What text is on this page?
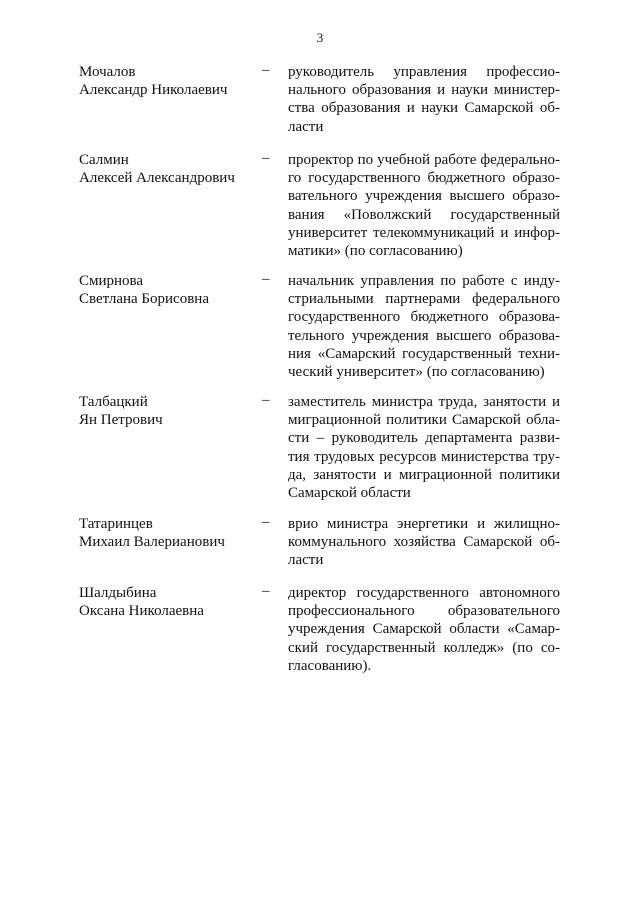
3
Мочалов
Александр Николаевич
– руководитель управления профессио-
нального образования и науки министер-
ства образования и науки Самарской об-
ласти
Салмин
Алексей Александрович
– проректор по учебной работе федерально-
го государственного бюджетного образо-
вательного учреждения высшего образо-
вания «Поволжский государственный
университет телекоммуникаций и инфор-
матики» (по согласованию)
Смирнова
Светлана Борисовна
– начальник управления по работе с инду-
стриальными партнерами федерального
государственного бюджетного образова-
тельного учреждения высшего образова-
ния «Самарский государственный техни-
ческий университет» (по согласованию)
Талбацкий
Ян Петрович
– заместитель министра труда, занятости и
миграционной политики Самарской обла-
сти – руководитель департамента разви-
тия трудовых ресурсов министерства тру-
да, занятости и миграционной политики
Самарской области
Татаринцев
Михаил Валерианович
– врио министра энергетики и жилищно-
коммунального хозяйства Самарской об-
ласти
Шалдыбина
Оксана Николаевна
– директор государственного автономного
профессионального образовательного
учреждения Самарской области «Самар-
ский государственный колледж» (по со-
гласованию).
